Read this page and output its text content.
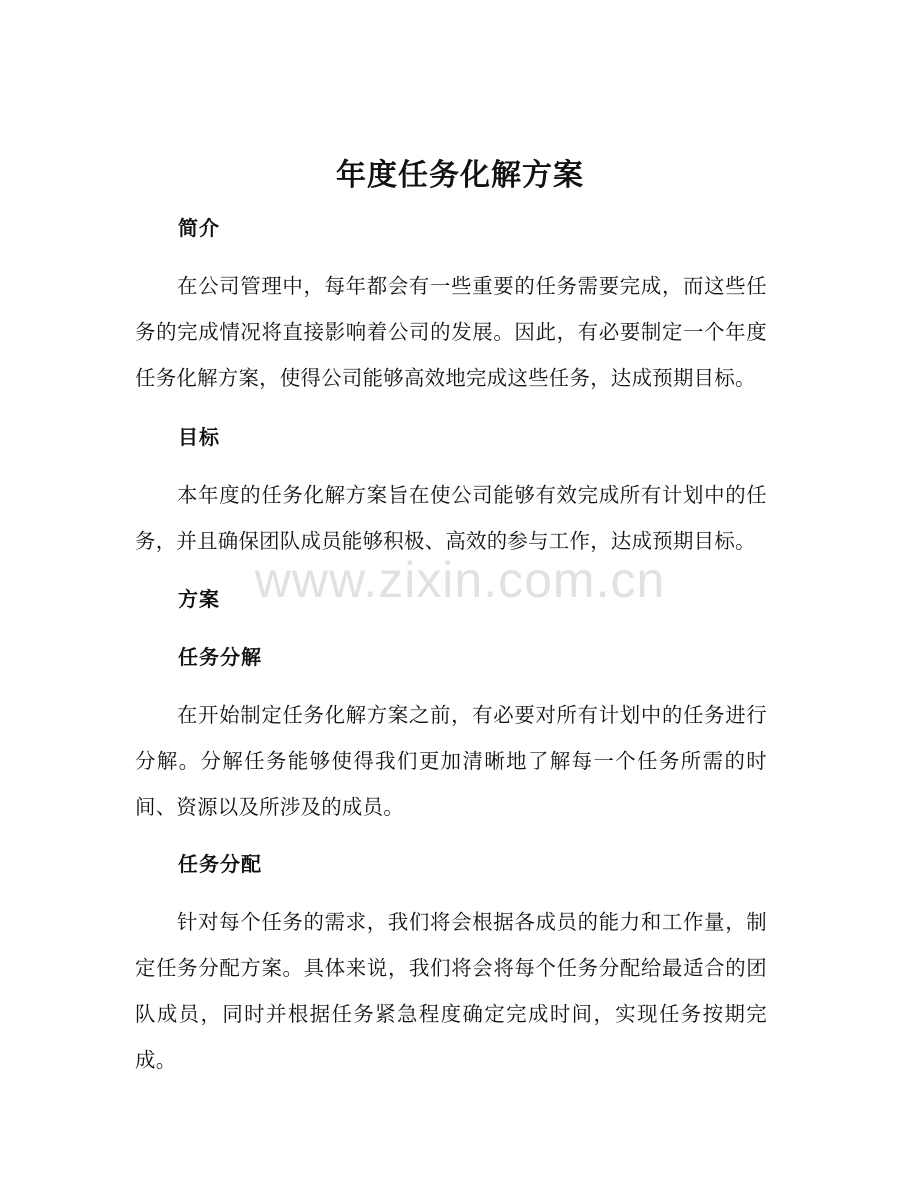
年度任务化解方案
简介

在公司管理中，每年都会有一些重要的任务需要完成，而这些任务的完成情况将直接影响着公司的发展。因此，有必要制定一个年度任务化解方案，使得公司能够高效地完成这些任务，达成预期目标。

目标

本年度的任务化解方案旨在使公司能够有效完成所有计划中的任务，并且确保团队成员能够积极、高效的参与工作，达成预期目标。

方案
任务分解

在开始制定任务化解方案之前，有必要对所有计划中的任务进行分解。分解任务能够使得我们更加清晰地了解每一个任务所需的时间、资源以及所涉及的成员。

任务分配

针对每个任务的需求，我们将会根据各成员的能力和工作量，制定任务分配方案。具体来说，我们将会将每个任务分配给最适合的团队成员，同时并根据任务紧急程度确定完成时间，实现任务按期完成。

www.zixin.com.cn
